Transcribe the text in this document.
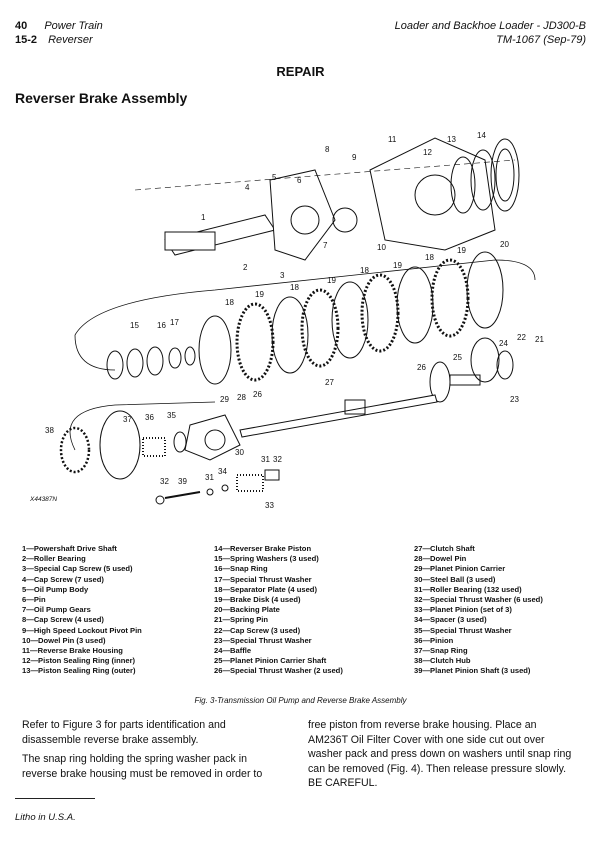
40 Power Train
15-2 Reverser
Loader and Backhoe Loader - JD300-B
TM-1067 (Sep-79)
REPAIR
Reverser Brake Assembly
1
2
3
4
5	6
7
8
9
10
11
12
13	14
15 16 17
18
19
18
19
18
19
18
19
20
21
22
23
24
25
26
26
27
28
29
30
31
31 32
32
33
34
35
36
37
38
39
X44387N
1—Powershaft Drive Shaft
2—Roller Bearing
3—Special Cap Screw (5 used)
4—Cap Screw (7 used)
5—Oil Pump Body
6—Pin
7—Oil Pump Gears
8—Cap Screw (4 used)
9—High Speed Lockout Pivot Pin
10—Dowel Pin (3 used)
11—Reverse Brake Housing
12—Piston Sealing Ring (inner)
13—Piston Sealing Ring (outer)
14—Reverser Brake Piston
15—Spring Washers (3 used)
16—Snap Ring
17—Special Thrust Washer
18—Separator Plate (4 used)
19—Brake Disk (4 used)
20—Backing Plate
21—Spring Pin
22—Cap Screw (3 used)
23—Special Thrust Washer
24—Baffle
25—Planet Pinion Carrier Shaft
26—Special Thrust Washer (2 used)
27—Clutch Shaft
28—Dowel Pin
29—Planet Pinion Carrier
30—Steel Ball (3 used)
31—Roller Bearing (132 used)
32—Special Thrust Washer (6 used)
33—Planet Pinion (set of 3)
34—Spacer (3 used)
35—Special Thrust Washer
36—Pinion
37—Snap Ring
38—Clutch Hub
39—Planet Pinion Shaft (3 used)
Fig. 3-Transmission Oil Pump and Reverse Brake Assembly
Refer to Figure 3 for parts identification and disassemble reverse brake assembly.
The snap ring holding the spring washer pack in reverse brake housing must be removed in order to
free piston from reverse brake housing. Place an AM236T Oil Filter Cover with one side cut out over washer pack and press down on washers until snap ring can be removed (Fig. 4). Then release pressure slowly. BE CAREFUL.
Litho in U.S.A.
